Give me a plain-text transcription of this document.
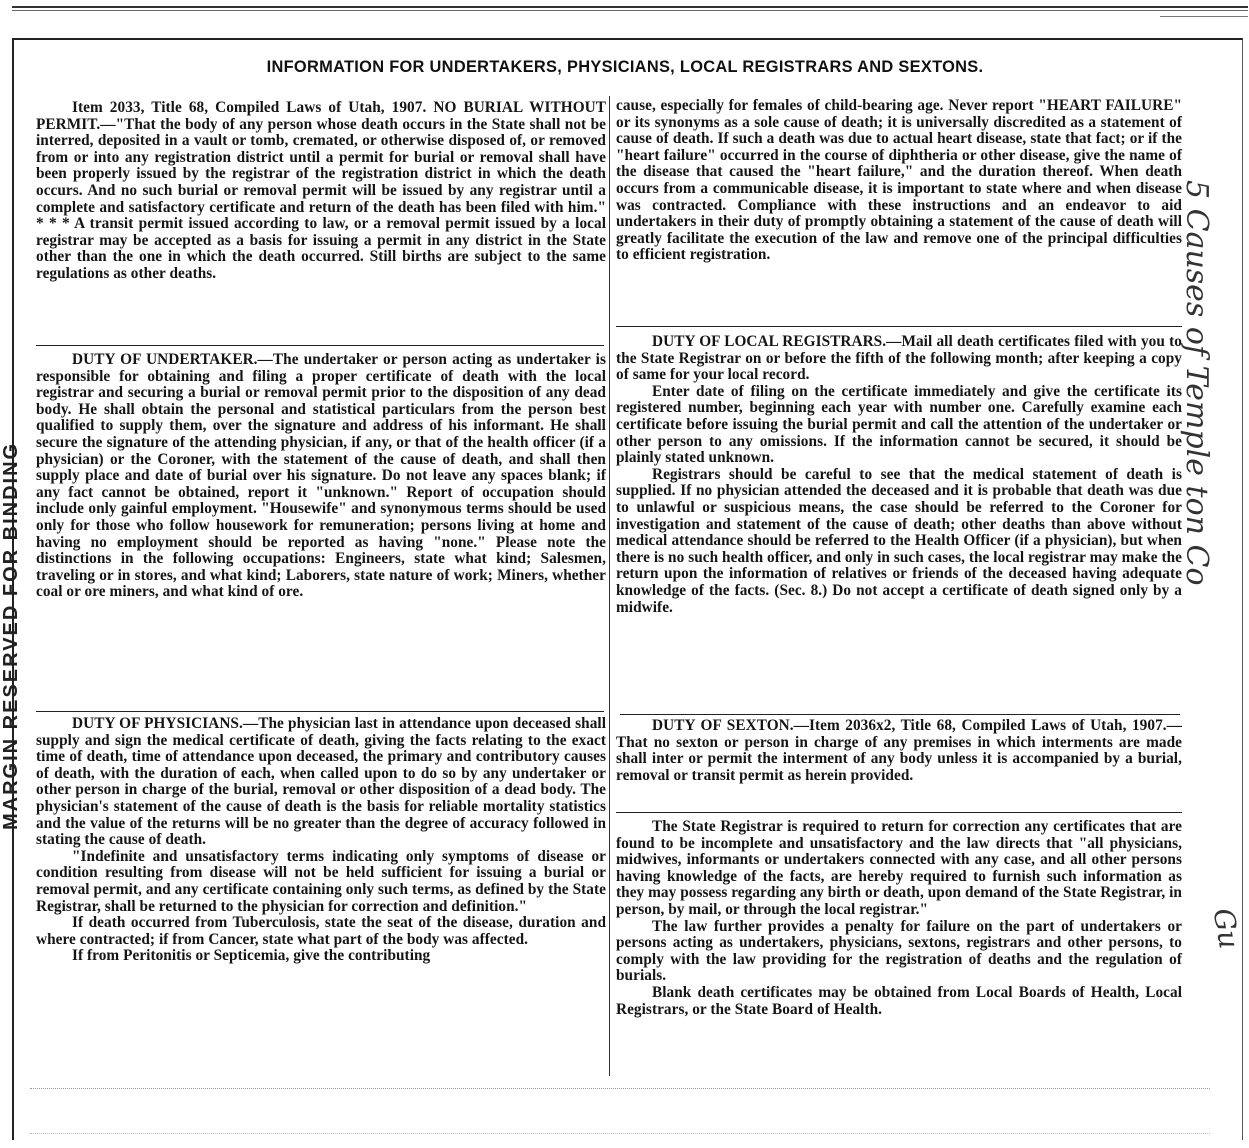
MARGIN RESERVED FOR BINDING
INFORMATION FOR UNDERTAKERS, PHYSICIANS, LOCAL REGISTRARS AND SEXTONS.

Item 2033, Title 68, Compiled Laws of Utah, 1907. NO BURIAL WITHOUT PERMIT.—"That the body of any person whose death occurs in the State shall not be interred, deposited in a vault or tomb, cremated, or otherwise disposed of, or removed from or into any registration district until a permit for burial or removal shall have been properly issued by the registrar of the registration district in which the death occurs. And no such burial or removal permit will be issued by any registrar until a complete and satisfactory certificate and return of the death has been filed with him." * * * A transit permit issued according to law, or a removal permit issued by a local registrar may be accepted as a basis for issuing a permit in any district in the State other than the one in which the death occurred. Still births are subject to the same regulations as other deaths.

DUTY OF UNDERTAKER.—The undertaker or person acting as undertaker is responsible for obtaining and filing a proper certificate of death with the local registrar and securing a burial or removal permit prior to the disposition of any dead body. He shall obtain the personal and statistical particulars from the person best qualified to supply them, over the signature and address of his informant. He shall secure the signature of the attending physician, if any, or that of the health officer (if a physician) or the Coroner, with the statement of the cause of death, and shall then supply place and date of burial over his signature. Do not leave any spaces blank; if any fact cannot be obtained, report it "unknown." Report of occupation should include only gainful employment. "Housewife" and synonymous terms should be used only for those who follow housework for remuneration; persons living at home and having no employment should be reported as having "none." Please note the distinctions in the following occupations: Engineers, state what kind; Salesmen, traveling or in stores, and what kind; Laborers, state nature of work; Miners, whether coal or ore miners, and what kind of ore.

DUTY OF PHYSICIANS.—The physician last in attendance upon deceased shall supply and sign the medical certificate of death, giving the facts relating to the exact time of death, time of attendance upon deceased, the primary and contributory causes of death, with the duration of each, when called upon to do so by any undertaker or other person in charge of the burial, removal or other disposition of a dead body. The physician's statement of the cause of death is the basis for reliable mortality statistics and the value of the returns will be no greater than the degree of accuracy followed in stating the cause of death.

"Indefinite and unsatisfactory terms indicating only symptoms of disease or condition resulting from disease will not be held sufficient for issuing a burial or removal permit, and any certificate containing only such terms, as defined by the State Registrar, shall be returned to the physician for correction and definition."

If death occurred from Tuberculosis, state the seat of the disease, duration and where contracted; if from Cancer, state what part of the body was affected.

If from Peritonitis or Septicemia, give the contributing

cause, especially for females of child-bearing age. Never report "HEART FAILURE" or its synonyms as a sole cause of death; it is universally discredited as a statement of cause of death. If such a death was due to actual heart disease, state that fact; or if the "heart failure" occurred in the course of diphtheria or other disease, give the name of the disease that caused the "heart failure," and the duration thereof. When death occurs from a communicable disease, it is important to state where and when disease was contracted. Compliance with these instructions and an endeavor to aid undertakers in their duty of promptly obtaining a statement of the cause of death will greatly facilitate the execution of the law and remove one of the principal difficulties to efficient registration.

DUTY OF LOCAL REGISTRARS.—Mail all death certificates filed with you to the State Registrar on or before the fifth of the following month; after keeping a copy of same for your local record.

Enter date of filing on the certificate immediately and give the certificate its registered number, beginning each year with number one. Carefully examine each certificate before issuing the burial permit and call the attention of the undertaker or other person to any omissions. If the information cannot be secured, it should be plainly stated unknown.

Registrars should be careful to see that the medical statement of death is supplied. If no physician attended the deceased and it is probable that death was due to unlawful or suspicious means, the case should be referred to the Coroner for investigation and statement of the cause of death; other deaths than above without medical attendance should be referred to the Health Officer (if a physician), but when there is no such health officer, and only in such cases, the local registrar may make the return upon the information of relatives or friends of the deceased having adequate knowledge of the facts. (Sec. 8.) Do not accept a certificate of death signed only by a midwife.

DUTY OF SEXTON.—Item 2036x2, Title 68, Compiled Laws of Utah, 1907.—That no sexton or person in charge of any premises in which interments are made shall inter or permit the interment of any body unless it is accompanied by a burial, removal or transit permit as herein provided.

The State Registrar is required to return for correction any certificates that are found to be incomplete and unsatisfactory and the law directs that "all physicians, midwives, informants or undertakers connected with any case, and all other persons having knowledge of the facts, are hereby required to furnish such information as they may possess regarding any birth or death, upon demand of the State Registrar, in person, by mail, or through the local registrar."

The law further provides a penalty for failure on the part of undertakers or persons acting as undertakers, physicians, sextons, registrars and other persons, to comply with the law providing for the registration of deaths and the regulation of burials.

Blank death certificates may be obtained from Local Boards of Health, Local Registrars, or the State Board of Health.

5 Causes of Temple ton Co
Gu
